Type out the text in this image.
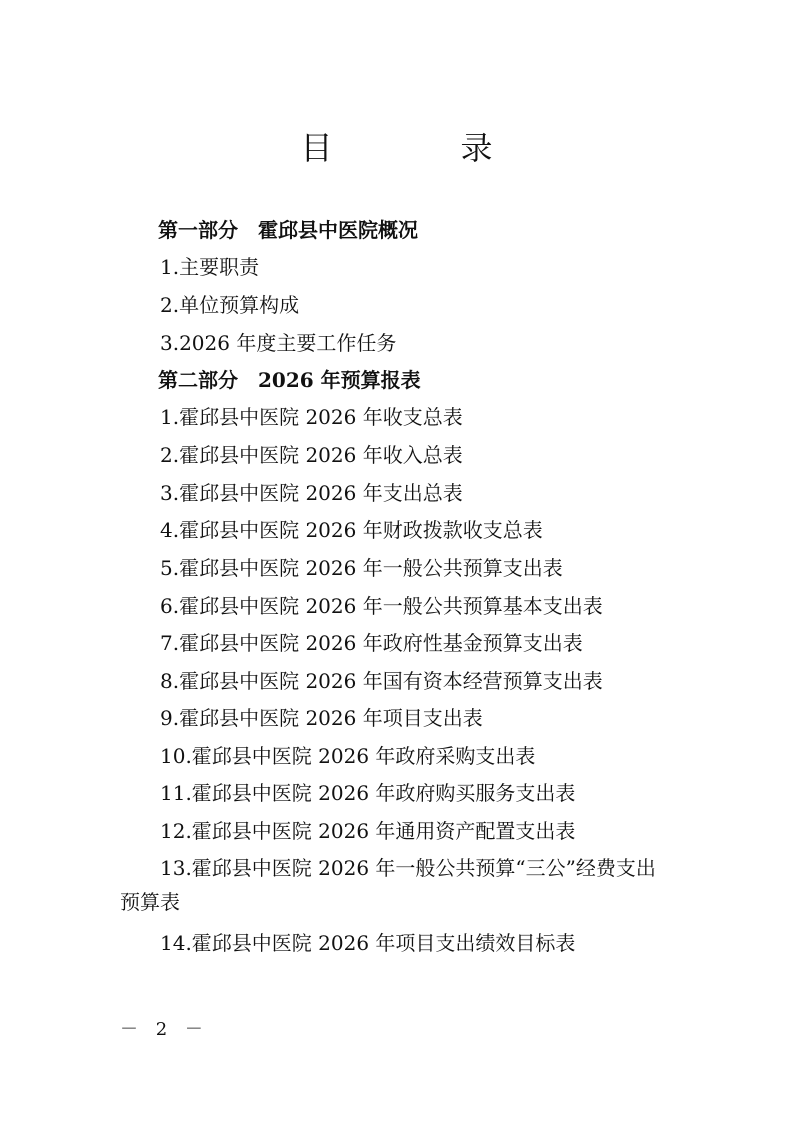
目　录
第一部分　霍邱县中医院概况
1.主要职责
2.单位预算构成
3.2026 年度主要工作任务
第二部分　2026 年预算报表
1.霍邱县中医院 2026 年收支总表
2.霍邱县中医院 2026 年收入总表
3.霍邱县中医院 2026 年支出总表
4.霍邱县中医院 2026 年财政拨款收支总表
5.霍邱县中医院 2026 年一般公共预算支出表
6.霍邱县中医院 2026 年一般公共预算基本支出表
7.霍邱县中医院 2026 年政府性基金预算支出表
8.霍邱县中医院 2026 年国有资本经营预算支出表
9.霍邱县中医院 2026 年项目支出表
10.霍邱县中医院 2026 年政府采购支出表
11.霍邱县中医院 2026 年政府购买服务支出表
12.霍邱县中医院 2026 年通用资产配置支出表
13.霍邱县中医院 2026 年一般公共预算“三公”经费支出
预算表
14.霍邱县中医院 2026 年项目支出绩效目标表
－ 2 －
